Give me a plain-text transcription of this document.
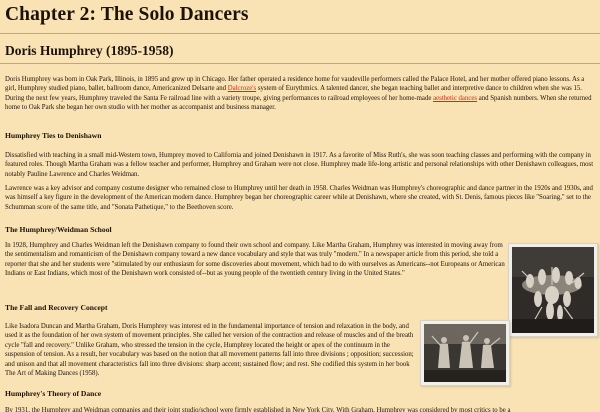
Chapter 2: The Solo Dancers
Doris Humphrey (1895-1958)

Doris Humphrey was born in Oak Park, Illinois, in 1895 and grew up in Chicago. Her father operated a residence home for vaudeville performers called the Palace Hotel, and her mother offered piano lessons. As a girl, Humphrey studied piano, ballet, ballroom dance, Americanized Delsarte and Dalcroze's system of Eurythmics. A talented dancer, she began teaching ballet and interpretive dance to children when she was 15. During the next few years, Humphrey traveled the Santa Fe railroad line with a variety troupe, giving performances to railroad employees of her home-made aesthetic dances and Spanish numbers. When she returned home to Oak Park she began her own studio with her mother as accompanist and business manager.

Humphrey Ties to Denishawn

Dissatisfied with teaching in a small mid-Western town, Humprey moved to California and joined Denishawn in 1917. As a favorite of Miss Ruth's, she was soon teaching classes and performing with the company in featured roles. Though Martha Graham was a fellow teacher and performer, Humphrey and Graham were not close. Humphrey made life-long artistic and personal relationships with other Denishawn colleagues, most notably Pauline Lawrence and Charles Weidman.

Lawrence was a key advisor and company costume designer who remained close to Humphrey until her death in 1958. Charles Weidman was Humphrey's choreographic and dance partner in the 1920s and 1930s, and was himself a key figure in the development of the American modern dance. Humphrey began her choreographic career while at Denishawn, where she created, with St. Denis, famous pieces like "Soaring," set to the Schumman score of the same title, and "Sonata Pathetique," to the Beethoven score.

The Humphrey/Weidman School

In 1928, Humphrey and Charles Weidman left the Denishawn company to found their own school and company. Like Martha Graham, Humphrey was interested in moving away from the sentimentalism and romanticism of the Denishawn company toward a new dance vocabulary and style that was truly "modern." In a newspaper article from this period, she told a reporter that she and her students were "stimulated by our enthusiasm for some discoveries about movement, which had to do with ourselves as Americans--not Europeans or American Indians or East Indians, which most of the Denishawn work consisted of--but as young people of the twentieth century living in the United States."

The Fall and Recovery Concept

Like Isadora Duncan and Martha Graham, Doris Humphrey was interest ed in the fundamental importance of tension and relaxation in the body, and used it as the foundation of her own system of movement principles. She called her version of the contraction and release of muscles and of the breath cycle "fall and recovery." Unlike Graham, who stressed the tension in the cycle, Humphrey located the height or apex of the continuum in the suspension of tension. As a result, her vocabulary was based on the notion that all movement patterns fall into three divisions ; opposition; succession; and unison and that all movement characteristics fall into three divisions: sharp accent; sustained flow; and rest. She codified this system in her book The Art of Making Dances (1958).

Humphrey's Theory of Dance

By 1931, the Humphrey and Weidman companies and their joint studio/school were firmly established in New York City. With Graham, Humphrey was considered by most critics to be a
